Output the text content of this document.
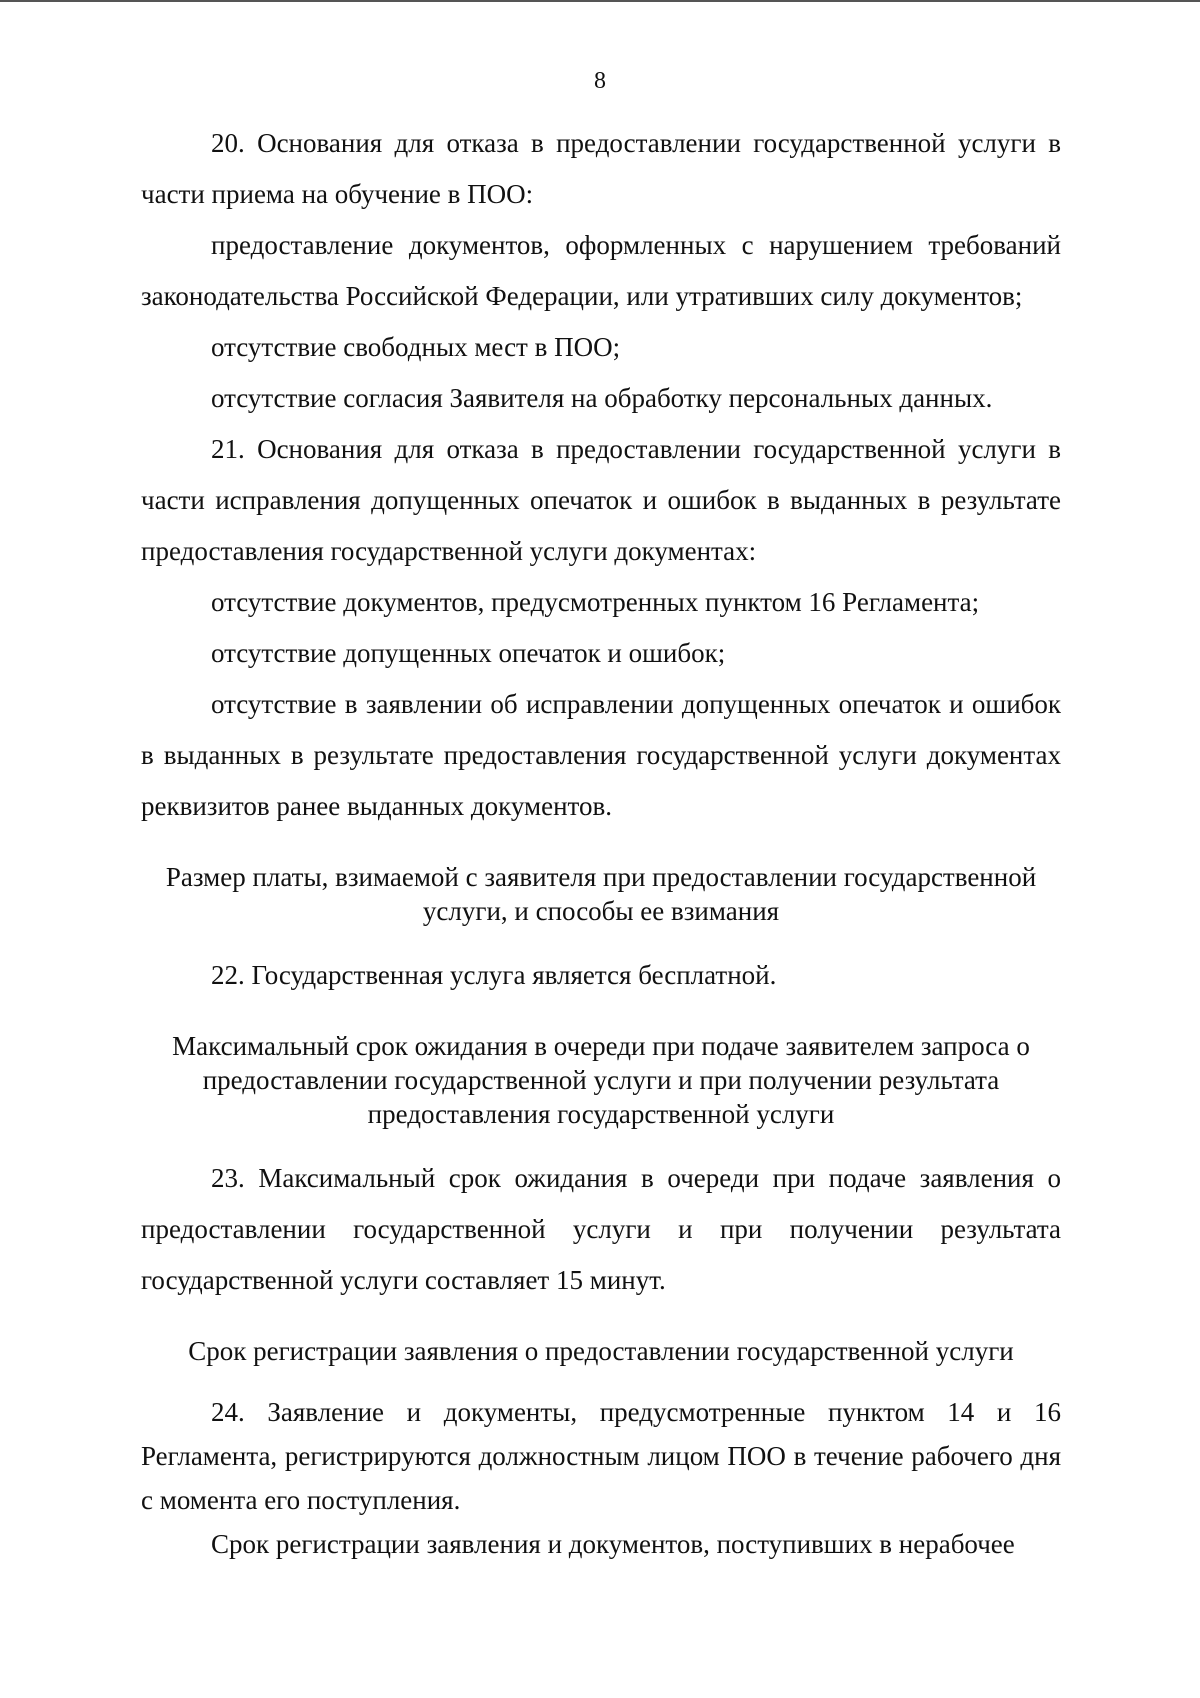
8

20. Основания для отказа в предоставлении государственной услуги в части приема на обучение в ПОО:

предоставление документов, оформленных с нарушением требований законодательства Российской Федерации, или утративших силу документов;

отсутствие свободных мест в ПОО;

отсутствие согласия Заявителя на обработку персональных данных.

21. Основания для отказа в предоставлении государственной услуги в части исправления допущенных опечаток и ошибок в выданных в результате предоставления государственной услуги документах:

отсутствие документов, предусмотренных пунктом 16 Регламента;

отсутствие допущенных опечаток и ошибок;

отсутствие в заявлении об исправлении допущенных опечаток и ошибок в выданных в результате предоставления государственной услуги документах реквизитов ранее выданных документов.

Размер платы, взимаемой с заявителя при предоставлении государственной услуги, и способы ее взимания

22. Государственная услуга является бесплатной.

Максимальный срок ожидания в очереди при подаче заявителем запроса о предоставлении государственной услуги и при получении результата предоставления государственной услуги

23. Максимальный срок ожидания в очереди при подаче заявления о предоставлении государственной услуги и при получении результата государственной услуги составляет 15 минут.

Срок регистрации заявления о предоставлении государственной услуги

24. Заявление и документы, предусмотренные пунктом 14 и 16 Регламента, регистрируются должностным лицом ПОО в течение рабочего дня с момента его поступления.

Срок регистрации заявления и документов, поступивших в нерабочее
